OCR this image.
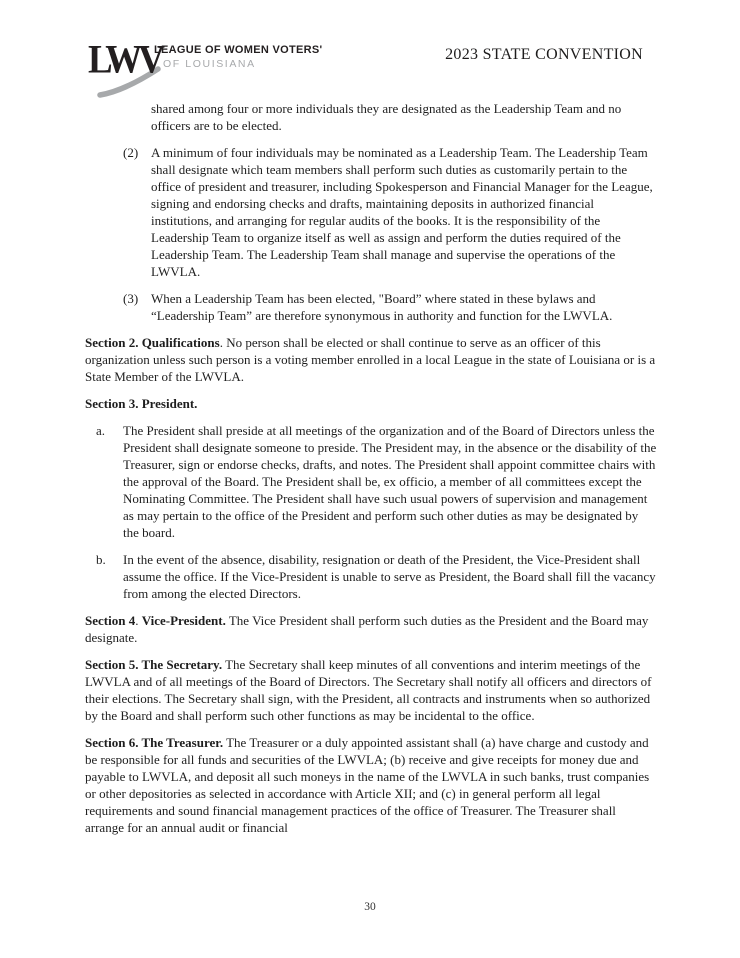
LWV
LEAGUE OF WOMEN VOTERS'
OF LOUISIANA
2023 STATE CONVENTION

shared among four or more individuals they are designated as the Leadership Team and no officers are to be elected.

(2) A minimum of four individuals may be nominated as a Leadership Team. The Leadership Team shall designate which team members shall perform such duties as customarily pertain to the office of president and treasurer, including Spokesperson and Financial Manager for the League, signing and endorsing checks and drafts, maintaining deposits in authorized financial institutions, and arranging for regular audits of the books. It is the responsibility of the Leadership Team to organize itself as well as assign and perform the duties required of the Leadership Team. The Leadership Team shall manage and supervise the operations of the LWVLA.

(3) When a Leadership Team has been elected, "Board” where stated in these bylaws and “Leadership Team” are therefore synonymous in authority and function for the LWVLA.

Section 2. Qualifications. No person shall be elected or shall continue to serve as an officer of this organization unless such person is a voting member enrolled in a local League in the state of Louisiana or is a State Member of the LWVLA.

Section 3. President.

a. The President shall preside at all meetings of the organization and of the Board of Directors unless the President shall designate someone to preside. The President may, in the absence or the disability of the Treasurer, sign or endorse checks, drafts, and notes. The President shall appoint committee chairs with the approval of the Board. The President shall be, ex officio, a member of all committees except the Nominating Committee. The President shall have such usual powers of supervision and management as may pertain to the office of the President and perform such other duties as may be designated by the board.

b. In the event of the absence, disability, resignation or death of the President, the Vice-President shall assume the office. If the Vice-President is unable to serve as President, the Board shall fill the vacancy from among the elected Directors.

Section 4. Vice-President. The Vice President shall perform such duties as the President and the Board may designate.

Section 5. The Secretary. The Secretary shall keep minutes of all conventions and interim meetings of the LWVLA and of all meetings of the Board of Directors. The Secretary shall notify all officers and directors of their elections. The Secretary shall sign, with the President, all contracts and instruments when so authorized by the Board and shall perform such other functions as may be incidental to the office.

Section 6. The Treasurer. The Treasurer or a duly appointed assistant shall (a) have charge and custody and be responsible for all funds and securities of the LWVLA; (b) receive and give receipts for money due and payable to LWVLA, and deposit all such moneys in the name of the LWVLA in such banks, trust companies or other depositories as selected in accordance with Article XII; and (c) in general perform all legal requirements and sound financial management practices of the office of Treasurer. The Treasurer shall arrange for an annual audit or financial

30
